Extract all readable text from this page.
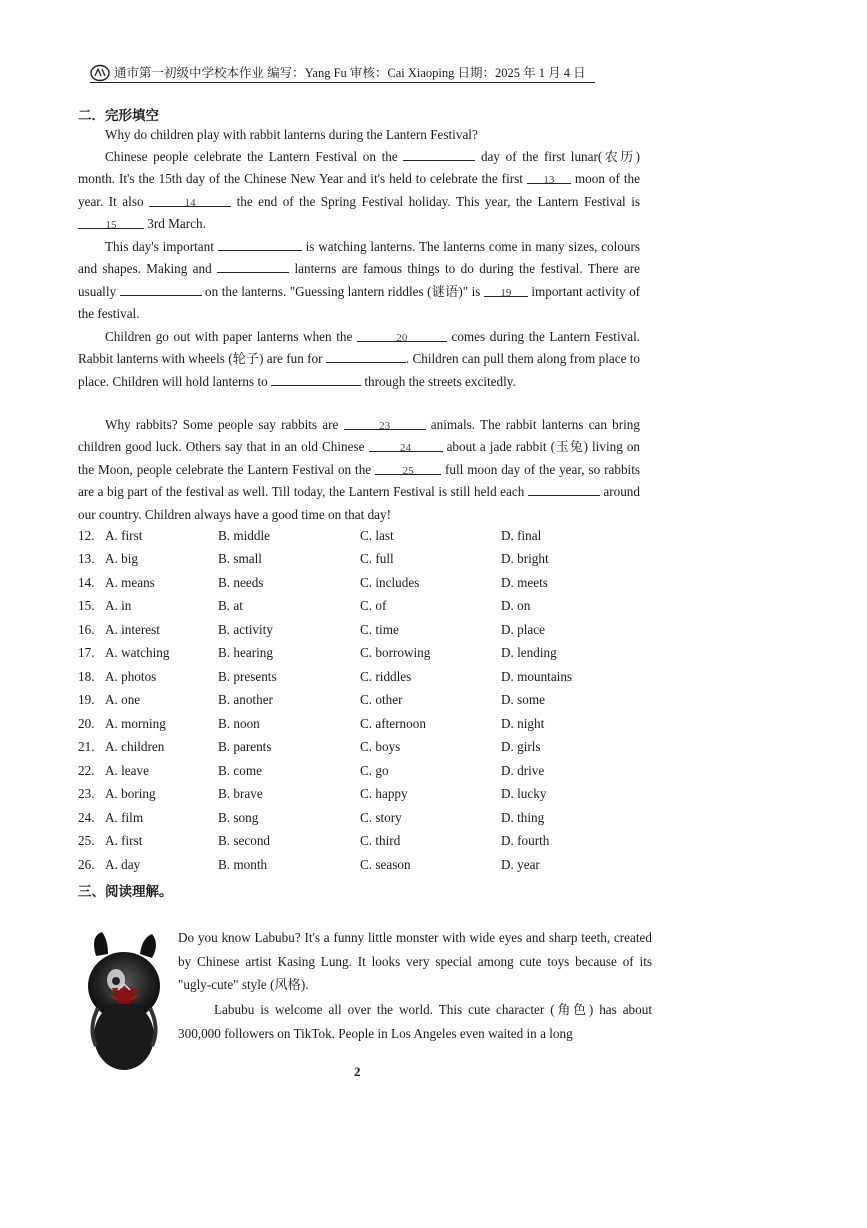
通市第一初级中学校本作业 编写：Yang Fu 审核：Cai Xiaoping 日期：2025 年 1 月 4 日
二．完形填空
Why do children play with rabbit lanterns during the Lantern Festival?
Chinese people celebrate the Lantern Festival on the	day of the first lunar(农历) month. It's the 15th day of the Chinese New Year and it's held to celebrate the first 13 moon of the year. It also	14	the end of the Spring Festival holiday. This year, the Lantern Festival is 15 3rd March.
This day's important	is watching lanterns. The lanterns come in many sizes, colours and shapes. Making and	lanterns are famous things to do during the festival. There are usually	on the lanterns. "Guessing lantern riddles (谜语)" is 19 important activity of the festival.
Children go out with paper lanterns when the	20	comes during the Lantern Festival. Rabbit lanterns with wheels (轮子) are fun for	. Children can pull them along from place to place. Children will hold lanterns to	through the streets excitedly.
Why rabbits? Some people say rabbits are	23	animals. The rabbit lanterns can bring children good luck. Others say that in an old Chinese	24	about a jade rabbit (玉兔) living on the Moon, people celebrate the Lantern Festival on the	25 full moon day of the year, so rabbits are a big part of the festival as well. Till today, the Lantern Festival is still held each	around our country. Children always have a good time on that day!
12. A. first	B. middle	C. last	D. final
13. A. big	B. small	C. full	D. bright
14. A. means	B. needs	C. includes	D. meets
15. A. in	B. at	C. of	D. on
16. A. interest	B. activity	C. time	D. place
17. A. watching	B. hearing	C. borrowing	D. lending
18. A. photos	B. presents	C. riddles	D. mountains
19. A. one	B. another	C. other	D. some
20. A. morning	B. noon	C. afternoon	D. night
21. A. children	B. parents	C. boys	D. girls
22. A. leave	B. come	C. go	D. drive
23. A. boring	B. brave	C. happy	D. lucky
24. A. film	B. song	C. story	D. thing
25. A. first	B. second	C. third	D. fourth
26. A. day	B. month	C. season	D. year
三、阅读理解。
Do you know Labubu? It's a funny little monster with wide eyes and sharp teeth, created by Chinese artist Kasing Lung. It looks very special among cute toys because of its "ugly-cute" style (风格).
Labubu is welcome all over the world. This cute character (角色) has about 300,000 followers on TikTok. People in Los Angeles even waited in a long
2
